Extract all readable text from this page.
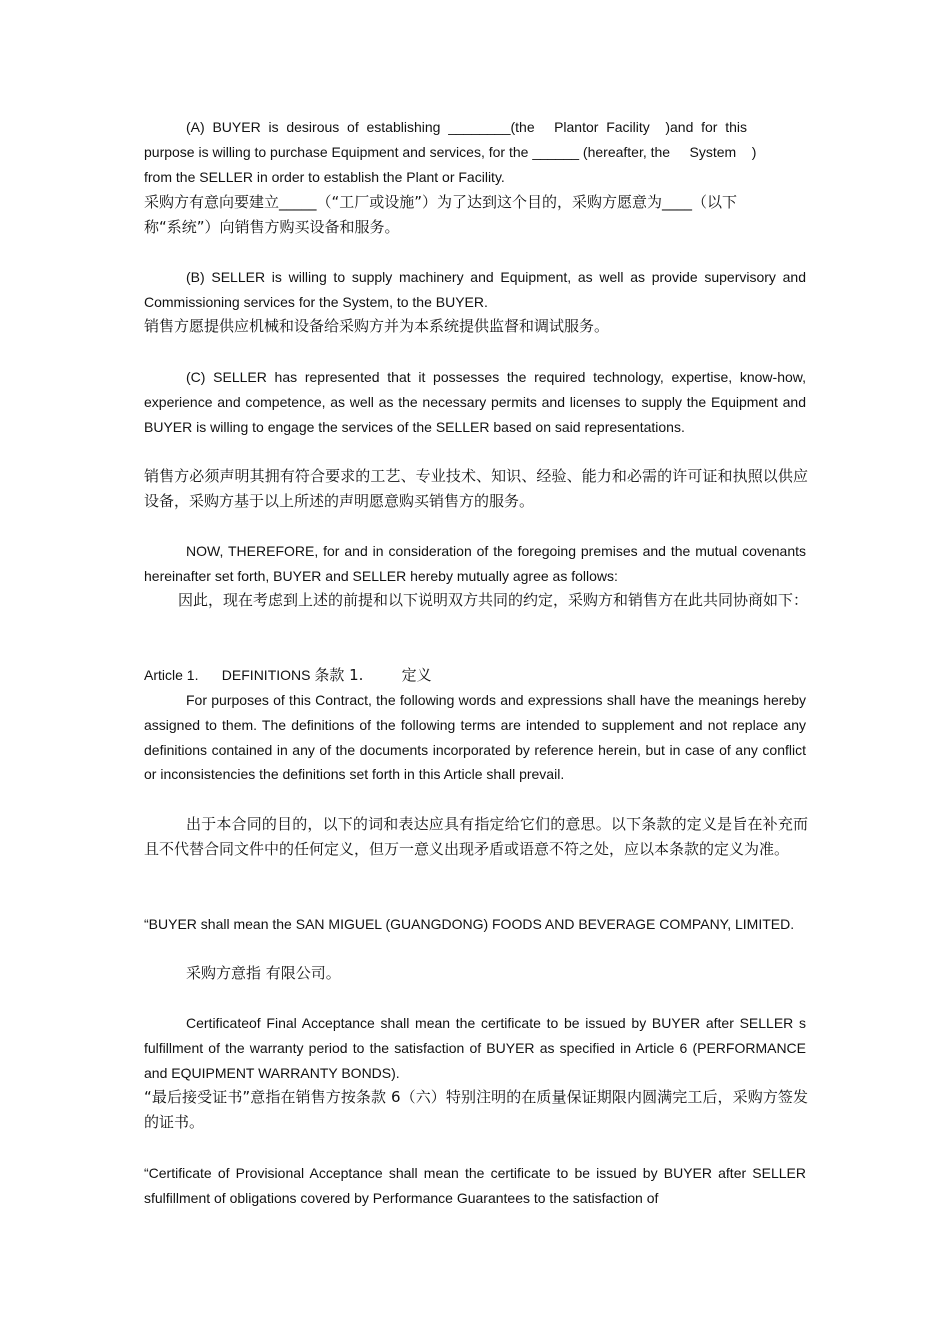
(A)  BUYER  is  desirous  of  establishing  ________(the     Plantor  Facility    )and  for  this
purpose is willing to purchase Equipment and services, for the ______ (hereafter, the     System    )
from the SELLER in order to establish the Plant or Facility.
采购方有意向要建立_____（“工厂或设施”）为了达到这个目的，采购方愿意为____（以下
称“系统”）向销售方购买设备和服务。
(B) SELLER is willing to supply machinery and Equipment, as well as provide supervisory and Commissioning services for the System, to the BUYER.
销售方愿提供应机械和设备给采购方并为本系统提供监督和调试服务。
(C) SELLER has represented that it possesses the required technology, expertise, know-how, experience and competence, as well as the necessary permits and licenses to supply the Equipment and BUYER is willing to engage the services of the SELLER based on said representations.
销售方必须声明其拥有符合要求的工艺、专业技术、知识、经验、能力和必需的许可证和执照以供应设备，采购方基于以上所述的声明愿意购买销售方的服务。
NOW, THEREFORE, for and in consideration of the foregoing premises and the mutual covenants hereinafter set forth, BUYER and SELLER hereby mutually agree as follows:
因此，现在考虑到上述的前提和以下说明双方共同的约定，采购方和销售方在此共同协商如下：
Article 1.      DEFINITIONS 条款 1.        定义
For purposes of this Contract, the following words and expressions shall have the meanings hereby assigned to them. The definitions of the following terms are intended to supplement and not replace any definitions contained in any of the documents incorporated by reference herein, but in case of any conflict or inconsistencies the definitions set forth in this Article shall prevail.
出于本合同的目的，以下的词和表达应具有指定给它们的意思。以下条款的定义是旨在补充而且不代替合同文件中的任何定义，但万一意义出现矛盾或语意不符之处，应以本条款的定义为准。
“BUYER shall mean the SAN MIGUEL (GUANGDONG) FOODS AND BEVERAGE COMPANY, LIMITED.
采购方意指 有限公司。
Certificateof Final Acceptance shall mean the certificate to be issued by BUYER after SELLER s fulfillment of the warranty period to the satisfaction of BUYER as specified in Article 6 (PERFORMANCE and EQUIPMENT WARRANTY BONDS).
“最后接受证书”意指在销售方按条款 6（六）特别注明的在质量保证期限内圆满完工后，采购方签发的证书。
“Certificate of Provisional Acceptance shall mean the certificate to be issued by BUYER after SELLER sfulfillment of obligations covered by Performance Guarantees to the satisfaction of
